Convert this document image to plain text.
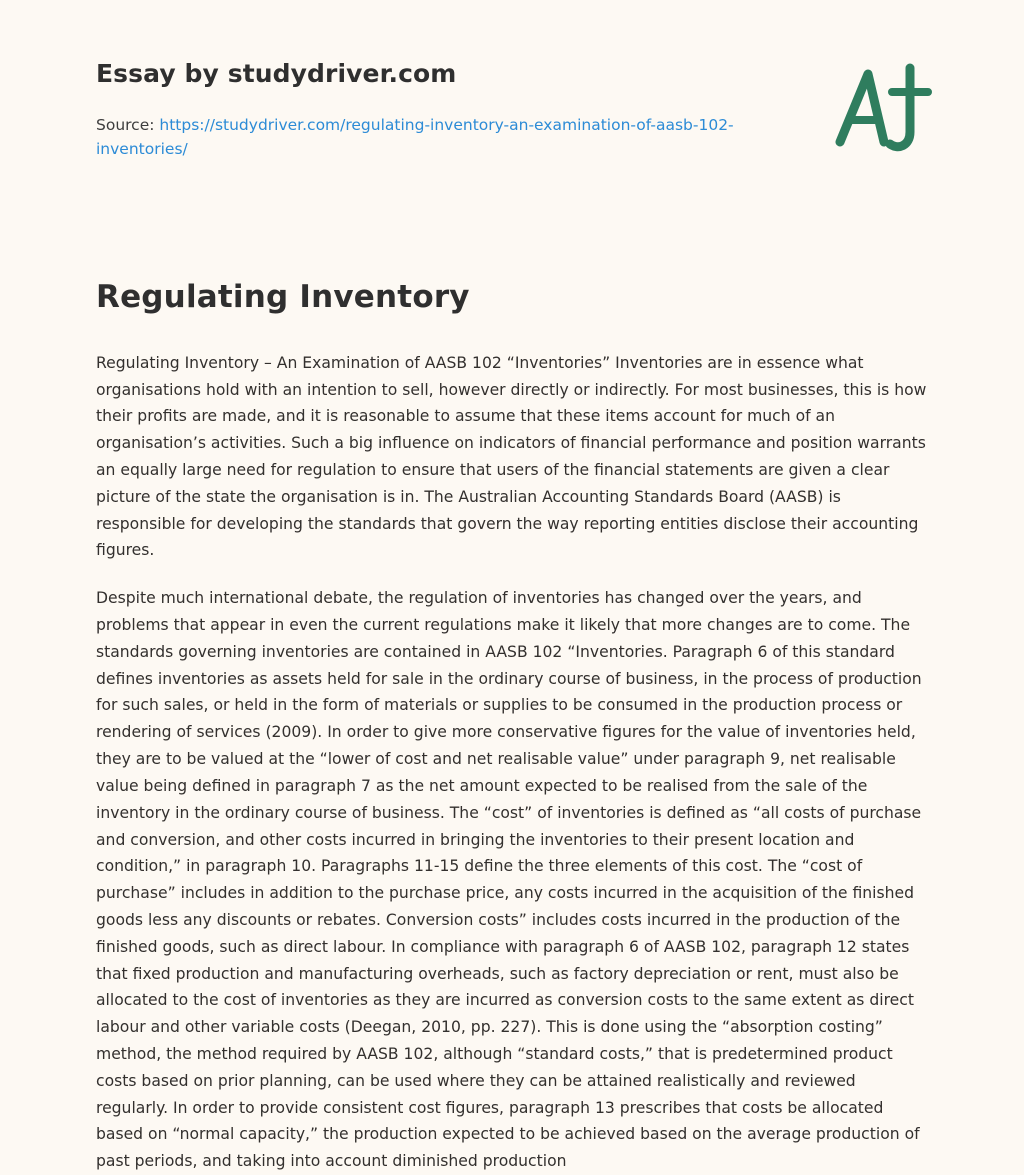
Essay by studydriver.com
Source: https://studydriver.com/regulating-inventory-an-examination-of-aasb-102-inventories/
Regulating Inventory

Regulating Inventory – An Examination of AASB 102 “Inventories” Inventories are in essence what organisations hold with an intention to sell, however directly or indirectly. For most businesses, this is how their profits are made, and it is reasonable to assume that these items account for much of an organisation’s activities. Such a big influence on indicators of financial performance and position warrants an equally large need for regulation to ensure that users of the financial statements are given a clear picture of the state the organisation is in. The Australian Accounting Standards Board (AASB) is responsible for developing the standards that govern the way reporting entities disclose their accounting figures.

Despite much international debate, the regulation of inventories has changed over the years, and problems that appear in even the current regulations make it likely that more changes are to come. The standards governing inventories are contained in AASB 102 “Inventories. Paragraph 6 of this standard defines inventories as assets held for sale in the ordinary course of business, in the process of production for such sales, or held in the form of materials or supplies to be consumed in the production process or rendering of services (2009). In order to give more conservative figures for the value of inventories held, they are to be valued at the “lower of cost and net realisable value” under paragraph 9, net realisable value being defined in paragraph 7 as the net amount expected to be realised from the sale of the inventory in the ordinary course of business. The “cost” of inventories is defined as “all costs of purchase and conversion, and other costs incurred in bringing the inventories to their present location and condition,” in paragraph 10. Paragraphs 11-15 define the three elements of this cost. The “cost of purchase” includes in addition to the purchase price, any costs incurred in the acquisition of the finished goods less any discounts or rebates. Conversion costs” includes costs incurred in the production of the finished goods, such as direct labour. In compliance with paragraph 6 of AASB 102, paragraph 12 states that fixed production and manufacturing overheads, such as factory depreciation or rent, must also be allocated to the cost of inventories as they are incurred as conversion costs to the same extent as direct labour and other variable costs (Deegan, 2010, pp. 227). This is done using the “absorption costing” method, the method required by AASB 102, although “standard costs,” that is predetermined product costs based on prior planning, can be used where they can be attained realistically and reviewed regularly. In order to provide consistent cost figures, paragraph 13 prescribes that costs be allocated based on “normal capacity,” the production expected to be achieved based on the average production of past periods, and taking into account diminished production
